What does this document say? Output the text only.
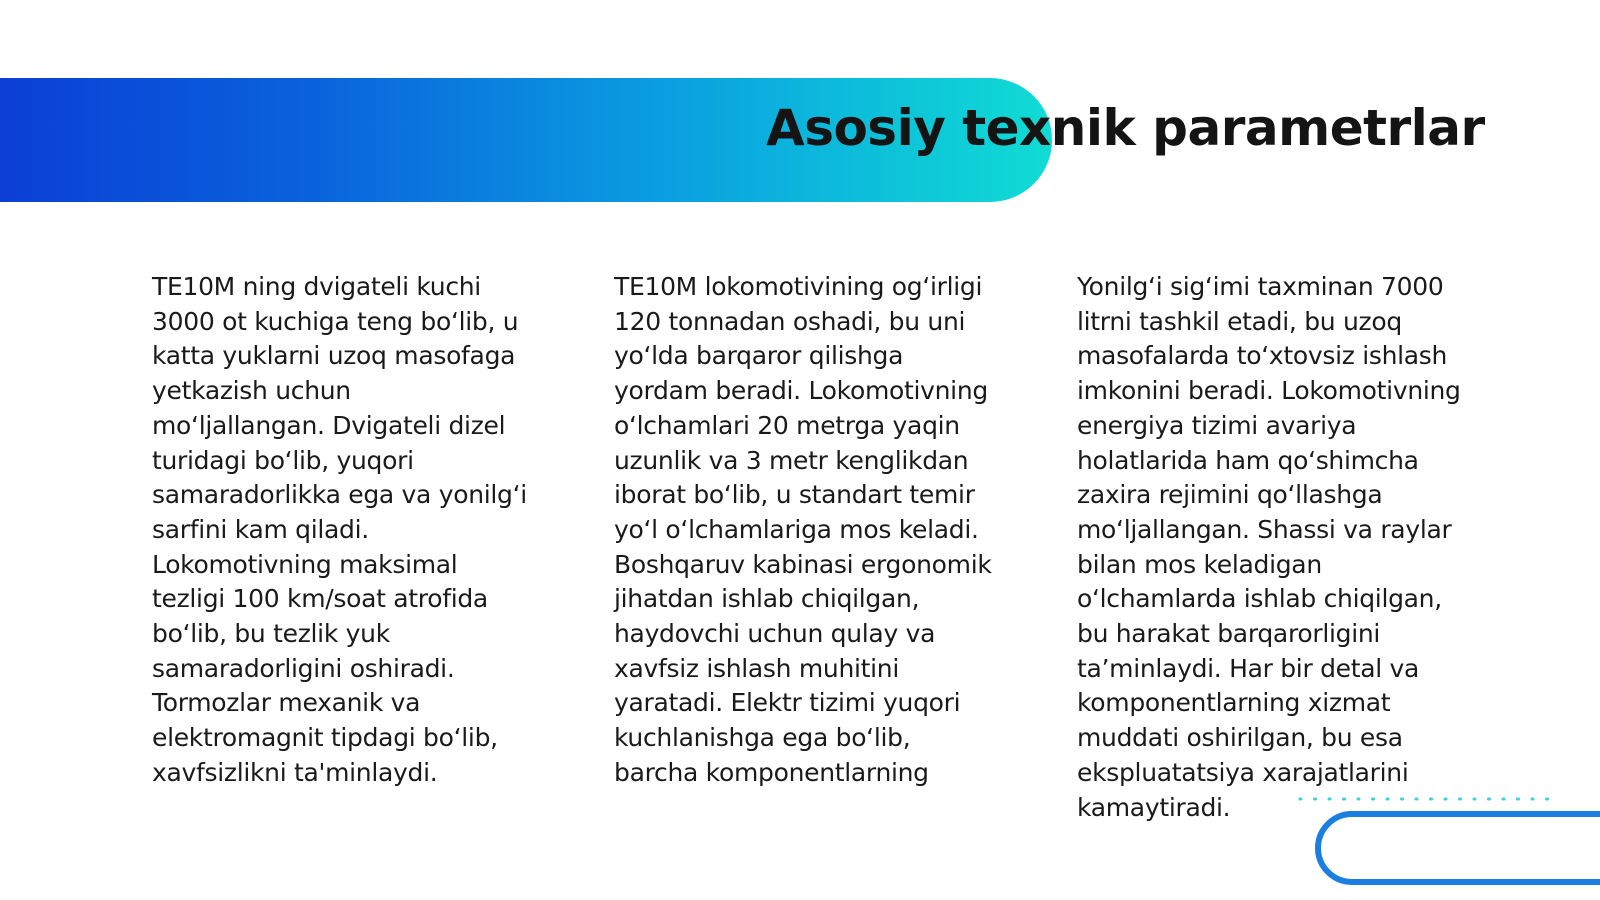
Asosiy texnik parametrlar

TE10M ning dvigateli kuchi 3000 ot kuchiga teng bo‘lib, u katta yuklarni uzoq masofaga yetkazish uchun mo‘ljallangan. Dvigateli dizel turidagi bo‘lib, yuqori samaradorlikka ega va yonilg‘i sarfini kam qiladi. Lokomotivning maksimal tezligi 100 km/soat atrofida bo‘lib, bu tezlik yuk samaradorligini oshiradi. Tormozlar mexanik va elektromagnit tipdagi bo‘lib, xavfsizlikni ta'minlaydi.

TE10M lokomotivining og‘irligi 120 tonnadan oshadi, bu uni yo‘lda barqaror qilishga yordam beradi. Lokomotivning o‘lchamlari 20 metrga yaqin uzunlik va 3 metr kenglikdan iborat bo‘lib, u standart temir yo‘l o‘lchamlariga mos keladi. Boshqaruv kabinasi ergonomik jihatdan ishlab chiqilgan, haydovchi uchun qulay va xavfsiz ishlash muhitini yaratadi. Elektr tizimi yuqori kuchlanishga ega bo‘lib, barcha komponentlarning

Yonilg‘i sig‘imi taxminan 7000 litrni tashkil etadi, bu uzoq masofalarda to‘xtovsiz ishlash imkonini beradi. Lokomotivning energiya tizimi avariya holatlarida ham qo‘shimcha zaxira rejimini qo‘llashga mo‘ljallangan. Shassi va raylar bilan mos keladigan o‘lchamlarda ishlab chiqilgan, bu harakat barqarorligini ta’minlaydi. Har bir detal va komponentlarning xizmat muddati oshirilgan, bu esa ekspluatatsiya xarajatlarini kamaytiradi.
